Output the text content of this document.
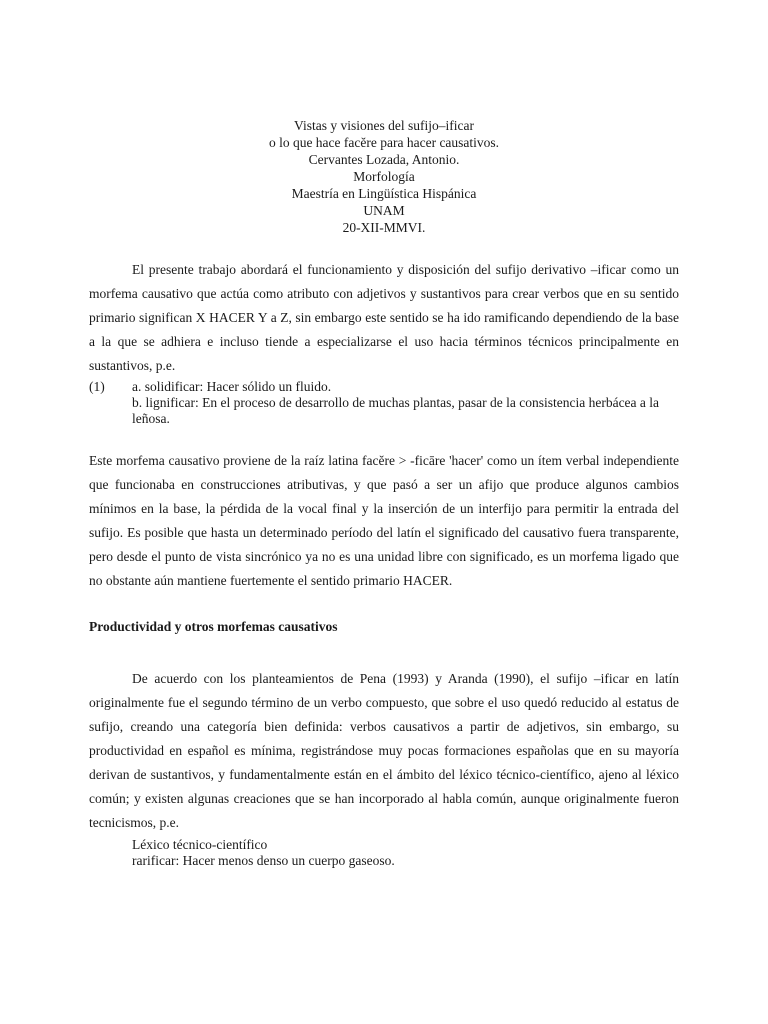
Vistas y visiones del sufijo–ificar
o lo que hace facĕre para hacer causativos.
Cervantes Lozada, Antonio.
Morfología
Maestría en Lingüística Hispánica
UNAM
20-XII-MMVI.

El presente trabajo abordará el funcionamiento y disposición del sufijo derivativo –ificar como un morfema causativo que actúa como atributo con adjetivos y sustantivos para crear verbos que en su sentido primario significan X HACER Y a Z, sin embargo este sentido se ha ido ramificando dependiendo de la base a la que se adhiera e incluso tiende a especializarse el uso hacia términos técnicos principalmente en sustantivos, p.e.

(1)	a. solidificar: Hacer sólido un fluido.
b. lignificar: En el proceso de desarrollo de muchas plantas, pasar de la consistencia herbácea a la leñosa.

Este morfema causativo proviene de la raíz latina facĕre > -ficāre 'hacer' como un ítem verbal independiente que funcionaba en construcciones atributivas, y que pasó a ser un afijo que produce algunos cambios mínimos en la base, la pérdida de la vocal final y la inserción de un interfijo para permitir la entrada del sufijo. Es posible que hasta un determinado período del latín el significado del causativo fuera transparente, pero desde el punto de vista sincrónico ya no es una unidad libre con significado, es un morfema ligado que no obstante aún mantiene fuertemente el sentido primario HACER.

Productividad y otros morfemas causativos

De acuerdo con los planteamientos de Pena (1993) y Aranda (1990), el sufijo –ificar en latín originalmente fue el segundo término de un verbo compuesto, que sobre el uso quedó reducido al estatus de sufijo, creando una categoría bien definida: verbos causativos a partir de adjetivos, sin embargo, su productividad en español es mínima, registrándose muy pocas formaciones españolas que en su mayoría derivan de sustantivos, y fundamentalmente están en el ámbito del léxico técnico-científico, ajeno al léxico común; y existen algunas creaciones que se han incorporado al habla común, aunque originalmente fueron tecnicismos, p.e.

Léxico técnico-científico
rarificar: Hacer menos denso un cuerpo gaseoso.
